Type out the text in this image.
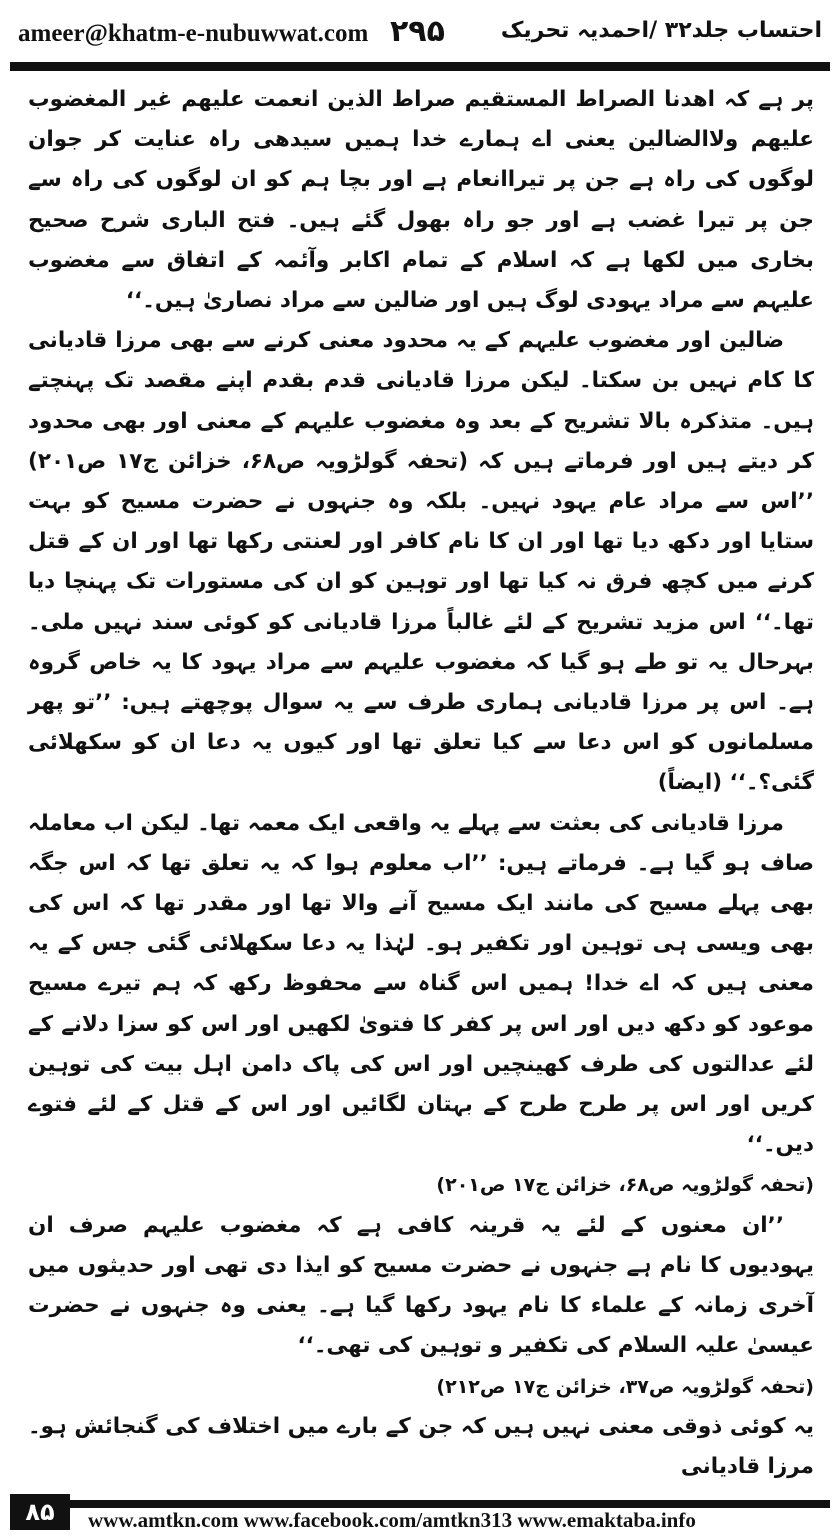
ameer@khatm-e-nubuwwat.com ۲۹۵	احتساب جلد۳۲ /احمدیہ تحریک

پر ہے کہ اھدنا الصراط المستقیم صراط الذین انعمت علیھم غیر المغضوب علیھم ولاالضالین یعنی اے ہمارے خدا ہمیں سیدھی راہ عنایت کر جوان لوگوں کی راہ ہے جن پر تیراانعام ہے اور بچا ہم کو ان لوگوں کی راہ سے جن پر تیرا غضب ہے اور جو راہ بھول گئے ہیں۔ فتح الباری شرح صحیح بخاری میں لکھا ہے کہ اسلام کے تمام اکابر وآئمہ کے اتفاق سے مغضوب علیہم سے مراد یہودی لوگ ہیں اور ضالین سے مراد نصاریٰ ہیں۔‘‘

ضالین اور مغضوب علیہم کے یہ محدود معنی کرنے سے بھی مرزا قادیانی کا کام نہیں بن سکتا۔ لیکن مرزا قادیانی قدم بقدم اپنے مقصد تک پہنچتے ہیں۔ متذکرہ بالا تشریح کے بعد وہ مغضوب علیہم کے معنی اور بھی محدود کر دیتے ہیں اور فرماتے ہیں کہ (تحفہ گولڑویہ ص۶۸، خزائن ج۱۷ ص۲۰۱) ’’اس سے مراد عام یہود نہیں۔ بلکہ وہ جنہوں نے حضرت مسیح کو بہت ستایا اور دکھ دیا تھا اور ان کا نام کافر اور لعنتی رکھا تھا اور ان کے قتل کرنے میں کچھ فرق نہ کیا تھا اور توہین کو ان کی مستورات تک پہنچا دیا تھا۔‘‘ اس مزید تشریح کے لئے غالباً مرزا قادیانی کو کوئی سند نہیں ملی۔ بہرحال یہ تو طے ہو گیا کہ مغضوب علیہم سے مراد یہود کا یہ خاص گروہ ہے۔ اس پر مرزا قادیانی ہماری طرف سے یہ سوال پوچھتے ہیں: ’’تو پھر مسلمانوں کو اس دعا سے کیا تعلق تھا اور کیوں یہ دعا ان کو سکھلائی گئی؟۔‘‘ (ایضاً)

مرزا قادیانی کی بعثت سے پہلے یہ واقعی ایک معمہ تھا۔ لیکن اب معاملہ صاف ہو گیا ہے۔ فرماتے ہیں: ’’اب معلوم ہوا کہ یہ تعلق تھا کہ اس جگہ بھی پہلے مسیح کی مانند ایک مسیح آنے والا تھا اور مقدر تھا کہ اس کی بھی ویسی ہی توہین اور تکفیر ہو۔ لہٰذا یہ دعا سکھلائی گئی جس کے یہ معنی ہیں کہ اے خدا! ہمیں اس گناہ سے محفوظ رکھ کہ ہم تیرے مسیح موعود کو دکھ دیں اور اس پر کفر کا فتویٰ لکھیں اور اس کو سزا دلانے کے لئے عدالتوں کی طرف کھینچیں اور اس کی پاک دامن اہل بیت کی توہین کریں اور اس پر طرح طرح کے بہتان لگائیں اور اس کے قتل کے لئے فتوے دیں۔‘‘

(تحفہ گولڑویہ ص۶۸، خزائن ج۱۷ ص۲۰۱)

’’ان معنوں کے لئے یہ قرینہ کافی ہے کہ مغضوب علیہم صرف ان یہودیوں کا نام ہے جنہوں نے حضرت مسیح کو ایذا دی تھی اور حدیثوں میں آخری زمانہ کے علماء کا نام یہود رکھا گیا ہے۔ یعنی وہ جنہوں نے حضرت عیسیٰ علیہ السلام کی تکفیر و توہین کی تھی۔‘‘

(تحفہ گولڑویہ ص۳۷، خزائن ج۱۷ ص۲۱۲)

یہ کوئی ذوقی معنی نہیں ہیں کہ جن کے بارے میں اختلاف کی گنجائش ہو۔ مرزا قادیانی

۸۵	www.amtkn.com www.facebook.com/amtkn313 www.emaktaba.info
